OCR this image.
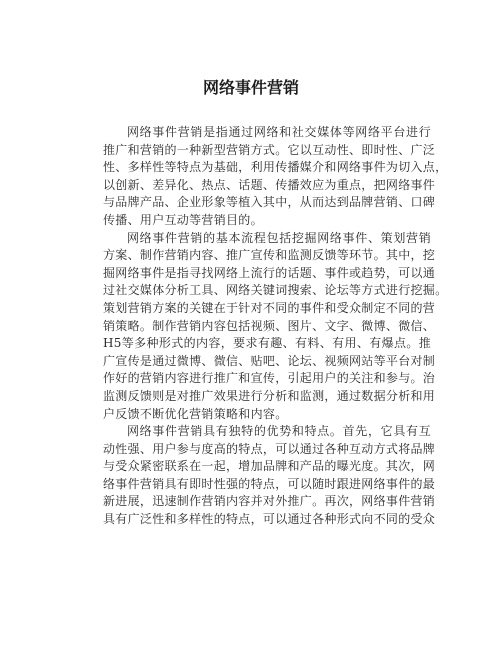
网络事件营销
网络事件营销是指通过网络和社交媒体等网络平台进行
推广和营销的一种新型营销方式。它以互动性、即时性、广泛
性、多样性等特点为基础，利用传播媒介和网络事件为切入点，
以创新、差异化、热点、话题、传播效应为重点，把网络事件
与品牌产品、企业形象等植入其中，从而达到品牌营销、口碑
传播、用户互动等营销目的。
网络事件营销的基本流程包括挖掘网络事件、策划营销
方案、制作营销内容、推广宣传和监测反馈等环节。其中，挖
掘网络事件是指寻找网络上流行的话题、事件或趋势，可以通
过社交媒体分析工具、网络关键词搜索、论坛等方式进行挖掘。
策划营销方案的关键在于针对不同的事件和受众制定不同的营
销策略。制作营销内容包括视频、图片、文字、微博、微信、
H5等多种形式的内容，要求有趣、有料、有用、有爆点。推
广宣传是通过微博、微信、贴吧、论坛、视频网站等平台对制
作好的营销内容进行推广和宣传，引起用户的关注和参与。治
监测反馈则是对推广效果进行分析和监测，通过数据分析和用
户反馈不断优化营销策略和内容。
网络事件营销具有独特的优势和特点。首先，它具有互
动性强、用户参与度高的特点，可以通过各种互动方式将品牌
与受众紧密联系在一起，增加品牌和产品的曝光度。其次，网
络事件营销具有即时性强的特点，可以随时跟进网络事件的最
新进展，迅速制作营销内容并对外推广。再次，网络事件营销
具有广泛性和多样性的特点，可以通过各种形式向不同的受众
